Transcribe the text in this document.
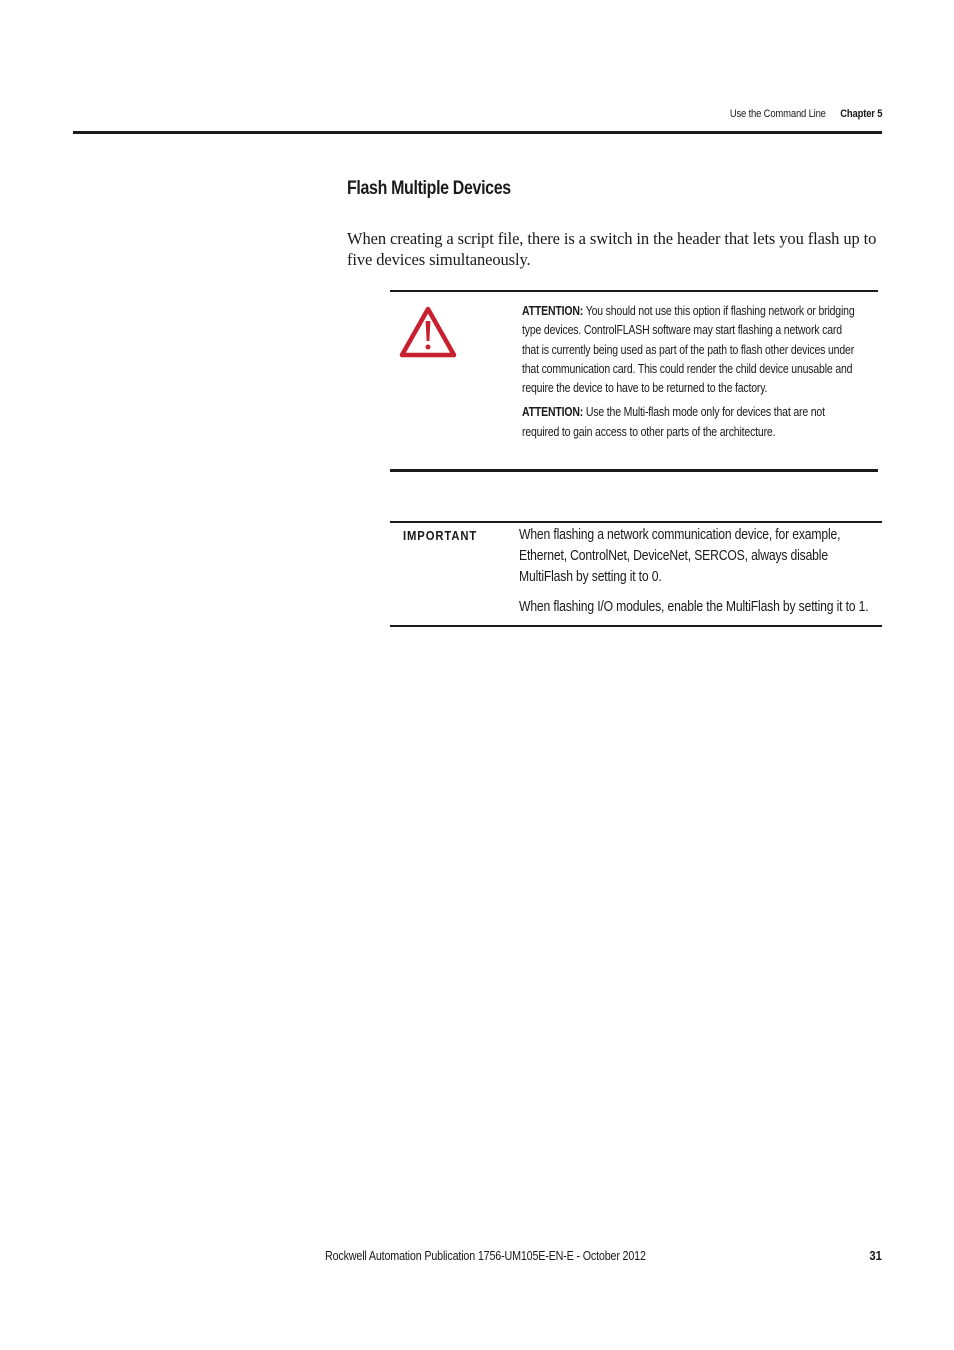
Use the Command Line Chapter 5
Flash Multiple Devices

When creating a script file, there is a switch in the header that lets you flash up to five devices simultaneously.

ATTENTION: You should not use this option if flashing network or bridging type devices. ControlFLASH software may start flashing a network card that is currently being used as part of the path to flash other devices under that communication card. This could render the child device unusable and require the device to have to be returned to the factory.

ATTENTION: Use the Multi-flash mode only for devices that are not required to gain access to other parts of the architecture.

IMPORTANT	When flashing a network communication device, for example, Ethernet, ControlNet, DeviceNet, SERCOS, always disable MultiFlash by setting it to 0.

When flashing I/O modules, enable the MultiFlash by setting it to 1.

Rockwell Automation Publication 1756-UM105E-EN-E - October 2012	31
